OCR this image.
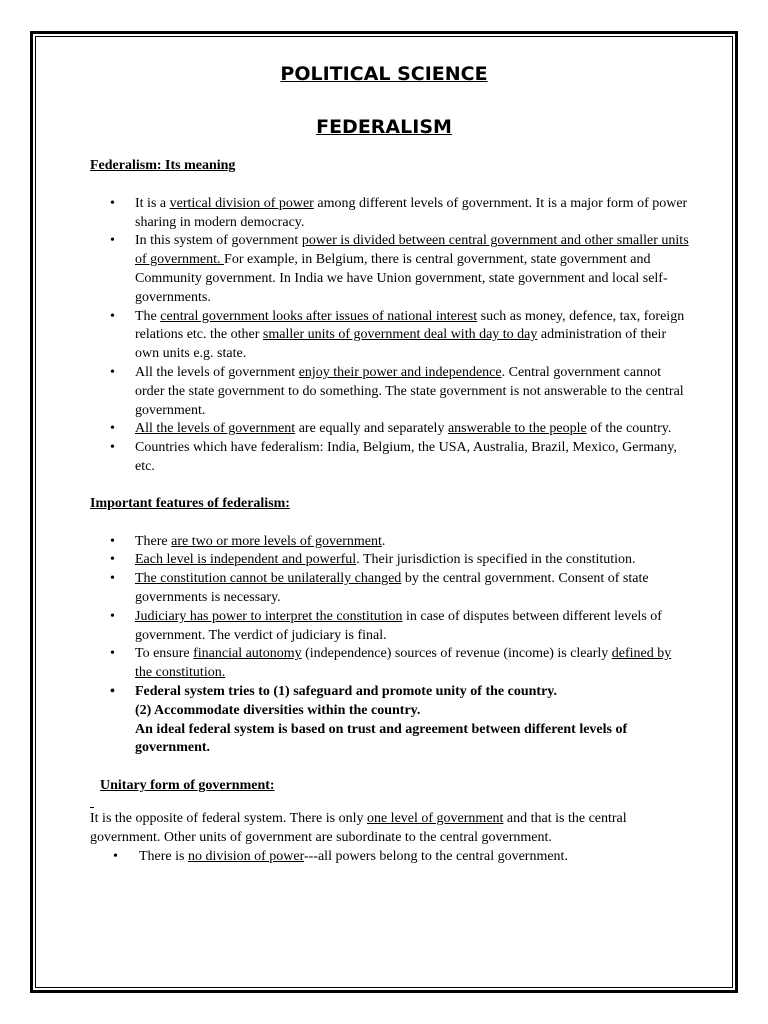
POLITICAL SCIENCE

FEDERALISM

Federalism: Its meaning

• It is a vertical division of power among different levels of government. It is a major form of power sharing in modern democracy.
• In this system of government power is divided between central government and other smaller units of government. For example, in Belgium, there is central government, state government and Community government. In India we have Union government, state government and local self-governments.
• The central government looks after issues of national interest such as money, defence, tax, foreign relations etc. the other smaller units of government deal with day to day administration of their own units e.g. state.
• All the levels of government enjoy their power and independence. Central government cannot order the state government to do something. The state government is not answerable to the central government.
• All the levels of government are equally and separately answerable to the people of the country.
• Countries which have federalism: India, Belgium, the USA, Australia, Brazil, Mexico, Germany, etc.

Important features of federalism:

• There are two or more levels of government.
• Each level is independent and powerful. Their jurisdiction is specified in the constitution.
• The constitution cannot be unilaterally changed by the central government. Consent of state governments is necessary.
• Judiciary has power to interpret the constitution in case of disputes between different levels of government. The verdict of judiciary is final.
• To ensure financial autonomy (independence) sources of revenue (income) is clearly defined by the constitution.
• Federal system tries to (1) safeguard and promote unity of the country.
(2) Accommodate diversities within the country.
An ideal federal system is based on trust and agreement between different levels of government.

Unitary form of government:

It is the opposite of federal system. There is only one level of government and that is the central government. Other units of government are subordinate to the central government.

• There is no division of power---all powers belong to the central government.
